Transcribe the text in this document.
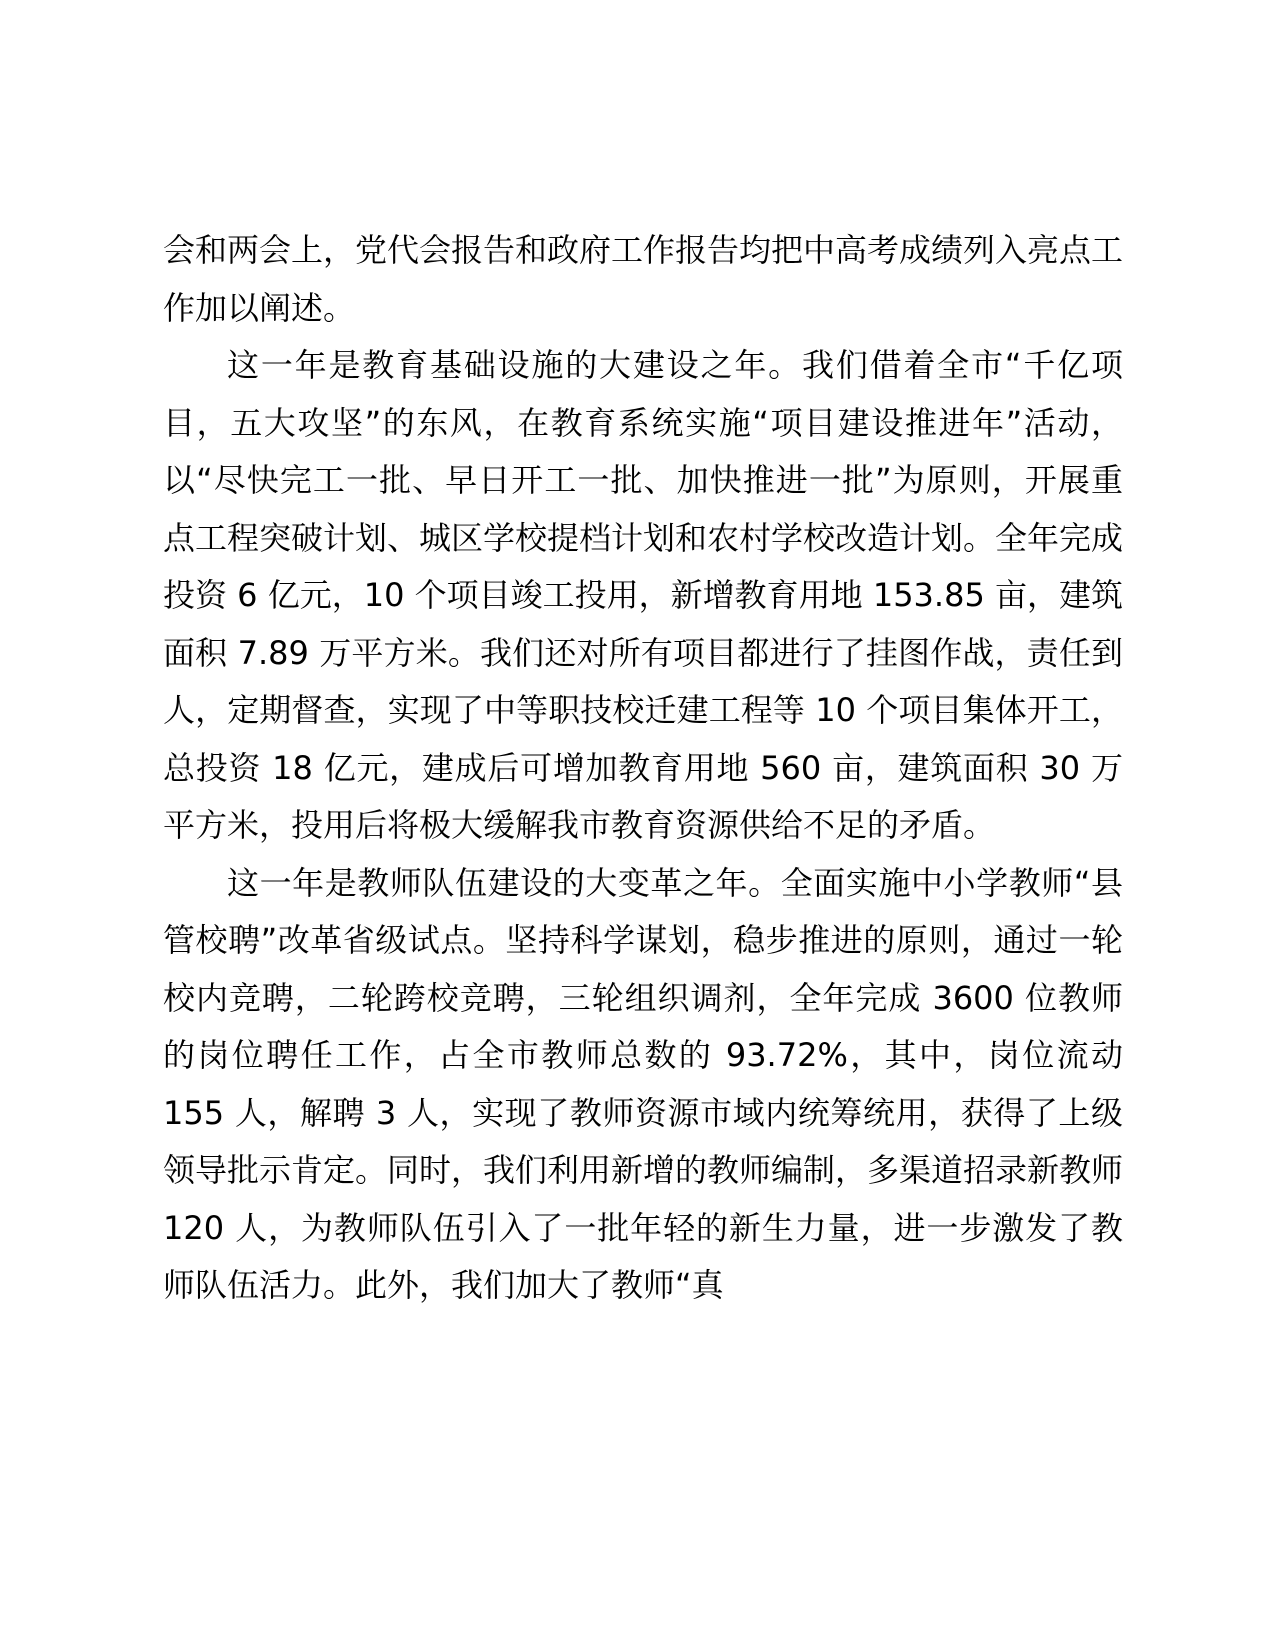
会和两会上，党代会报告和政府工作报告均把中高考成绩列入亮点工作加以阐述。

这一年是教育基础设施的大建设之年。我们借着全市“千亿项目，五大攻坚”的东风，在教育系统实施“项目建设推进年”活动，以“尽快完工一批、早日开工一批、加快推进一批”为原则，开展重点工程突破计划、城区学校提档计划和农村学校改造计划。全年完成投资 6 亿元，10 个项目竣工投用，新增教育用地 153.85 亩，建筑面积 7.89 万平方米。我们还对所有项目都进行了挂图作战，责任到人，定期督查，实现了中等职技校迁建工程等 10 个项目集体开工，总投资 18 亿元，建成后可增加教育用地 560 亩，建筑面积 30 万平方米，投用后将极大缓解我市教育资源供给不足的矛盾。

这一年是教师队伍建设的大变革之年。全面实施中小学教师“县管校聘”改革省级试点。坚持科学谋划，稳步推进的原则，通过一轮校内竞聘，二轮跨校竞聘，三轮组织调剂，全年完成 3600 位教师的岗位聘任工作，占全市教师总数的 93.72%，其中，岗位流动 155 人，解聘 3 人，实现了教师资源市域内统筹统用，获得了上级领导批示肯定。同时，我们利用新增的教师编制，多渠道招录新教师 120 人，为教师队伍引入了一批年轻的新生力量，进一步激发了教师队伍活力。此外，我们加大了教师“真
